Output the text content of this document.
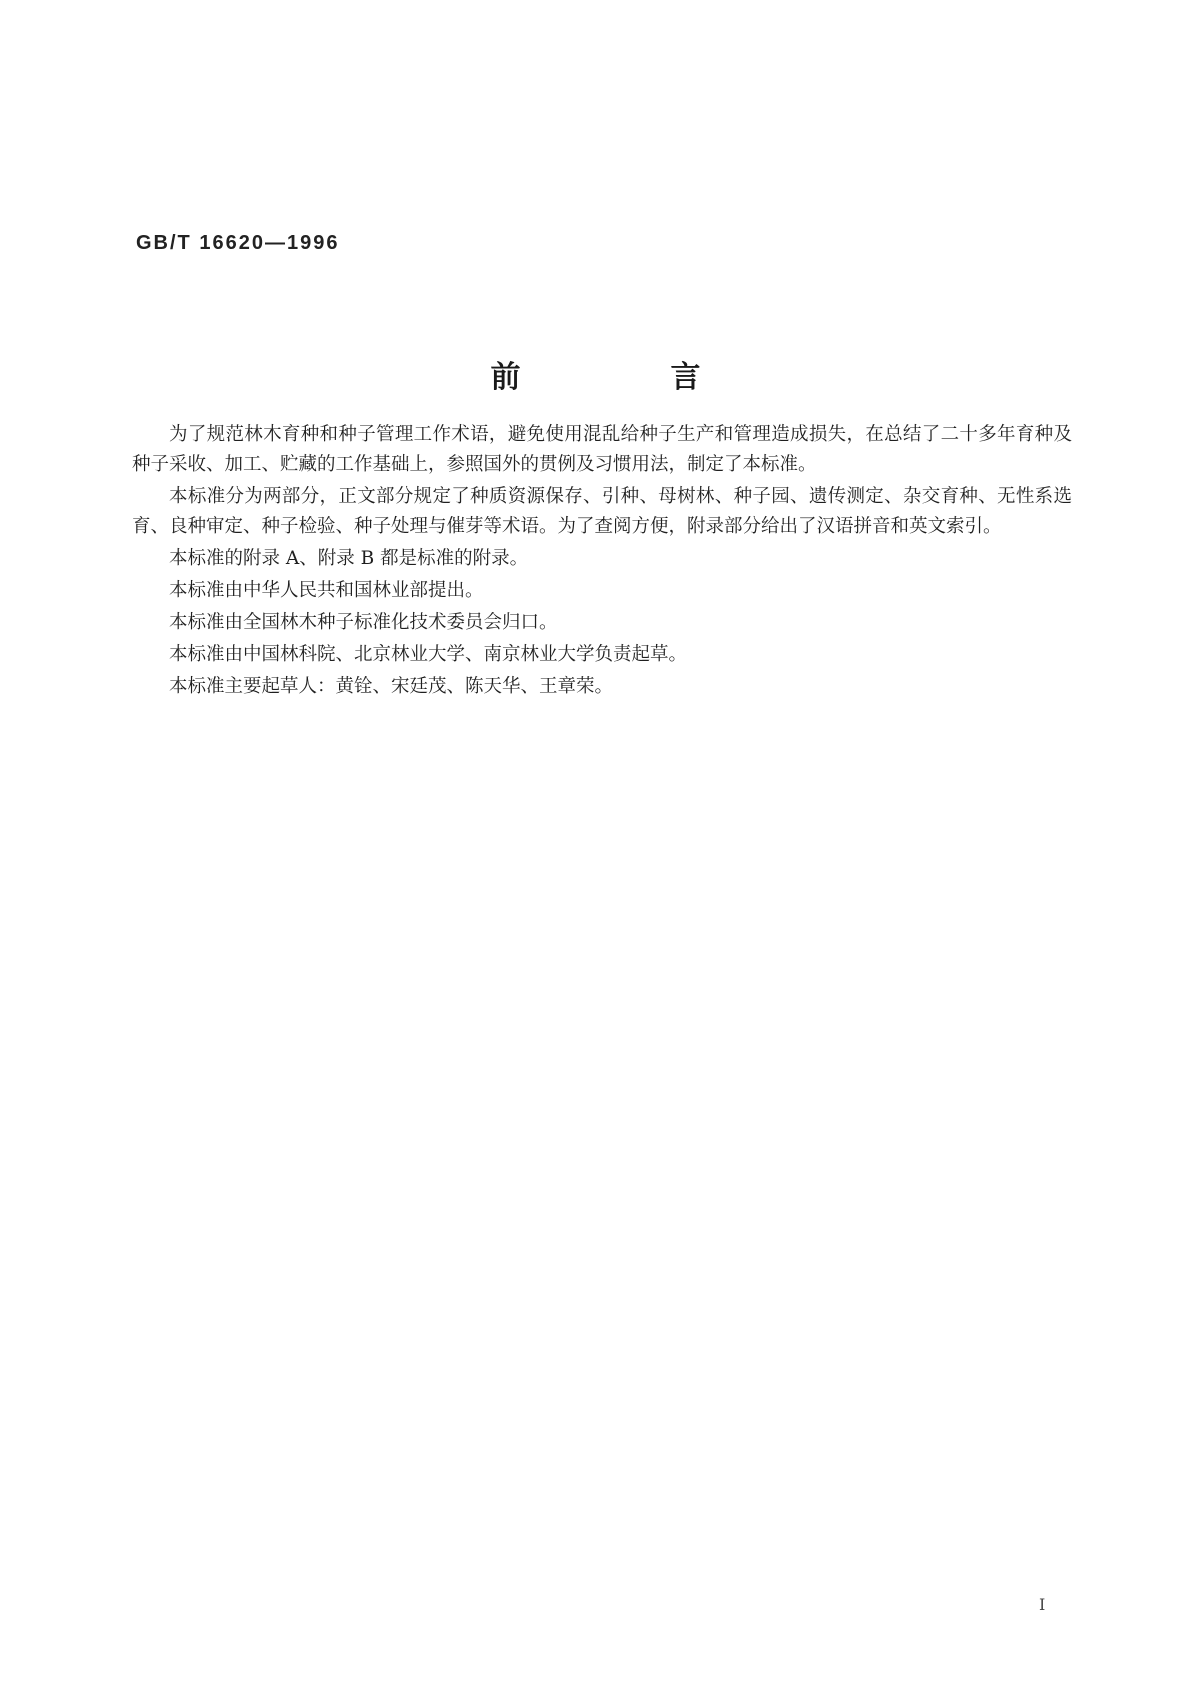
GB/T 16620—1996
前　言

为了规范林木育种和种子管理工作术语，避免使用混乱给种子生产和管理造成损失，在总结了二十多年育种及种子采收、加工、贮藏的工作基础上，参照国外的贯例及习惯用法，制定了本标准。

本标准分为两部分，正文部分规定了种质资源保存、引种、母树林、种子园、遗传测定、杂交育种、无性系选育、良种审定、种子检验、种子处理与催芽等术语。为了查阅方便，附录部分给出了汉语拼音和英文索引。

本标准的附录 A、附录 B 都是标准的附录。

本标准由中华人民共和国林业部提出。

本标准由全国林木种子标准化技术委员会归口。

本标准由中国林科院、北京林业大学、南京林业大学负责起草。

本标准主要起草人：黄铨、宋廷茂、陈天华、王章荣。

I
